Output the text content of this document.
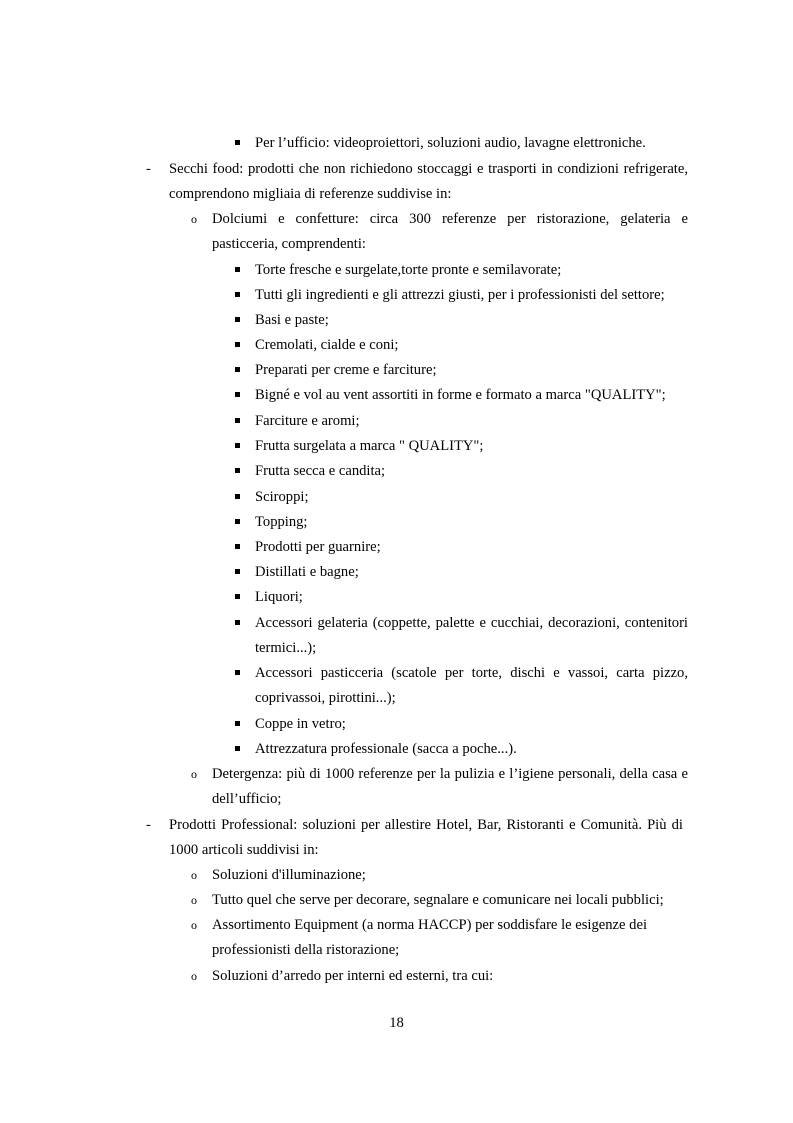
Per l’ufficio: videoproiettori, soluzioni audio, lavagne elettroniche.
- Secchi food: prodotti che non richiedono stoccaggi e trasporti in condizioni refrigerate,
comprendono migliaia di referenze suddivise in:
o Dolciumi e confetture: circa 300 referenze per ristorazione, gelateria e
pasticceria, comprendenti:
Torte fresche e surgelate,torte pronte e semilavorate;
Tutti gli ingredienti e gli attrezzi giusti, per i professionisti del settore;
Basi e paste;
Cremolati, cialde e coni;
Preparati per creme e farciture;
Bigné e vol au vent assortiti in forme e formato a marca "QUALITY";
Farciture e aromi;
Frutta surgelata a marca " QUALITY";
Frutta secca e candita;
Sciroppi;
Topping;
Prodotti per guarnire;
Distillati e bagne;
Liquori;
Accessori gelateria (coppette, palette e cucchiai, decorazioni, contenitori
termici...);
Accessori pasticceria (scatole per torte, dischi e vassoi, carta pizzo,
coprivassoi, pirottini...);
Coppe in vetro;
Attrezzatura professionale (sacca a poche...).
o Detergenza: più di 1000 referenze per la pulizia e l’igiene personali, della casa e
dell’ufficio;
- Prodotti Professional: soluzioni per allestire Hotel, Bar, Ristoranti e Comunità. Più di
1000 articoli suddivisi in:
o Soluzioni d'illuminazione;
o Tutto quel che serve per decorare, segnalare e comunicare nei locali pubblici;
o Assortimento Equipment (a norma HACCP) per soddisfare le esigenze dei
professionisti della ristorazione;
o Soluzioni d’arredo per interni ed esterni, tra cui:
18
